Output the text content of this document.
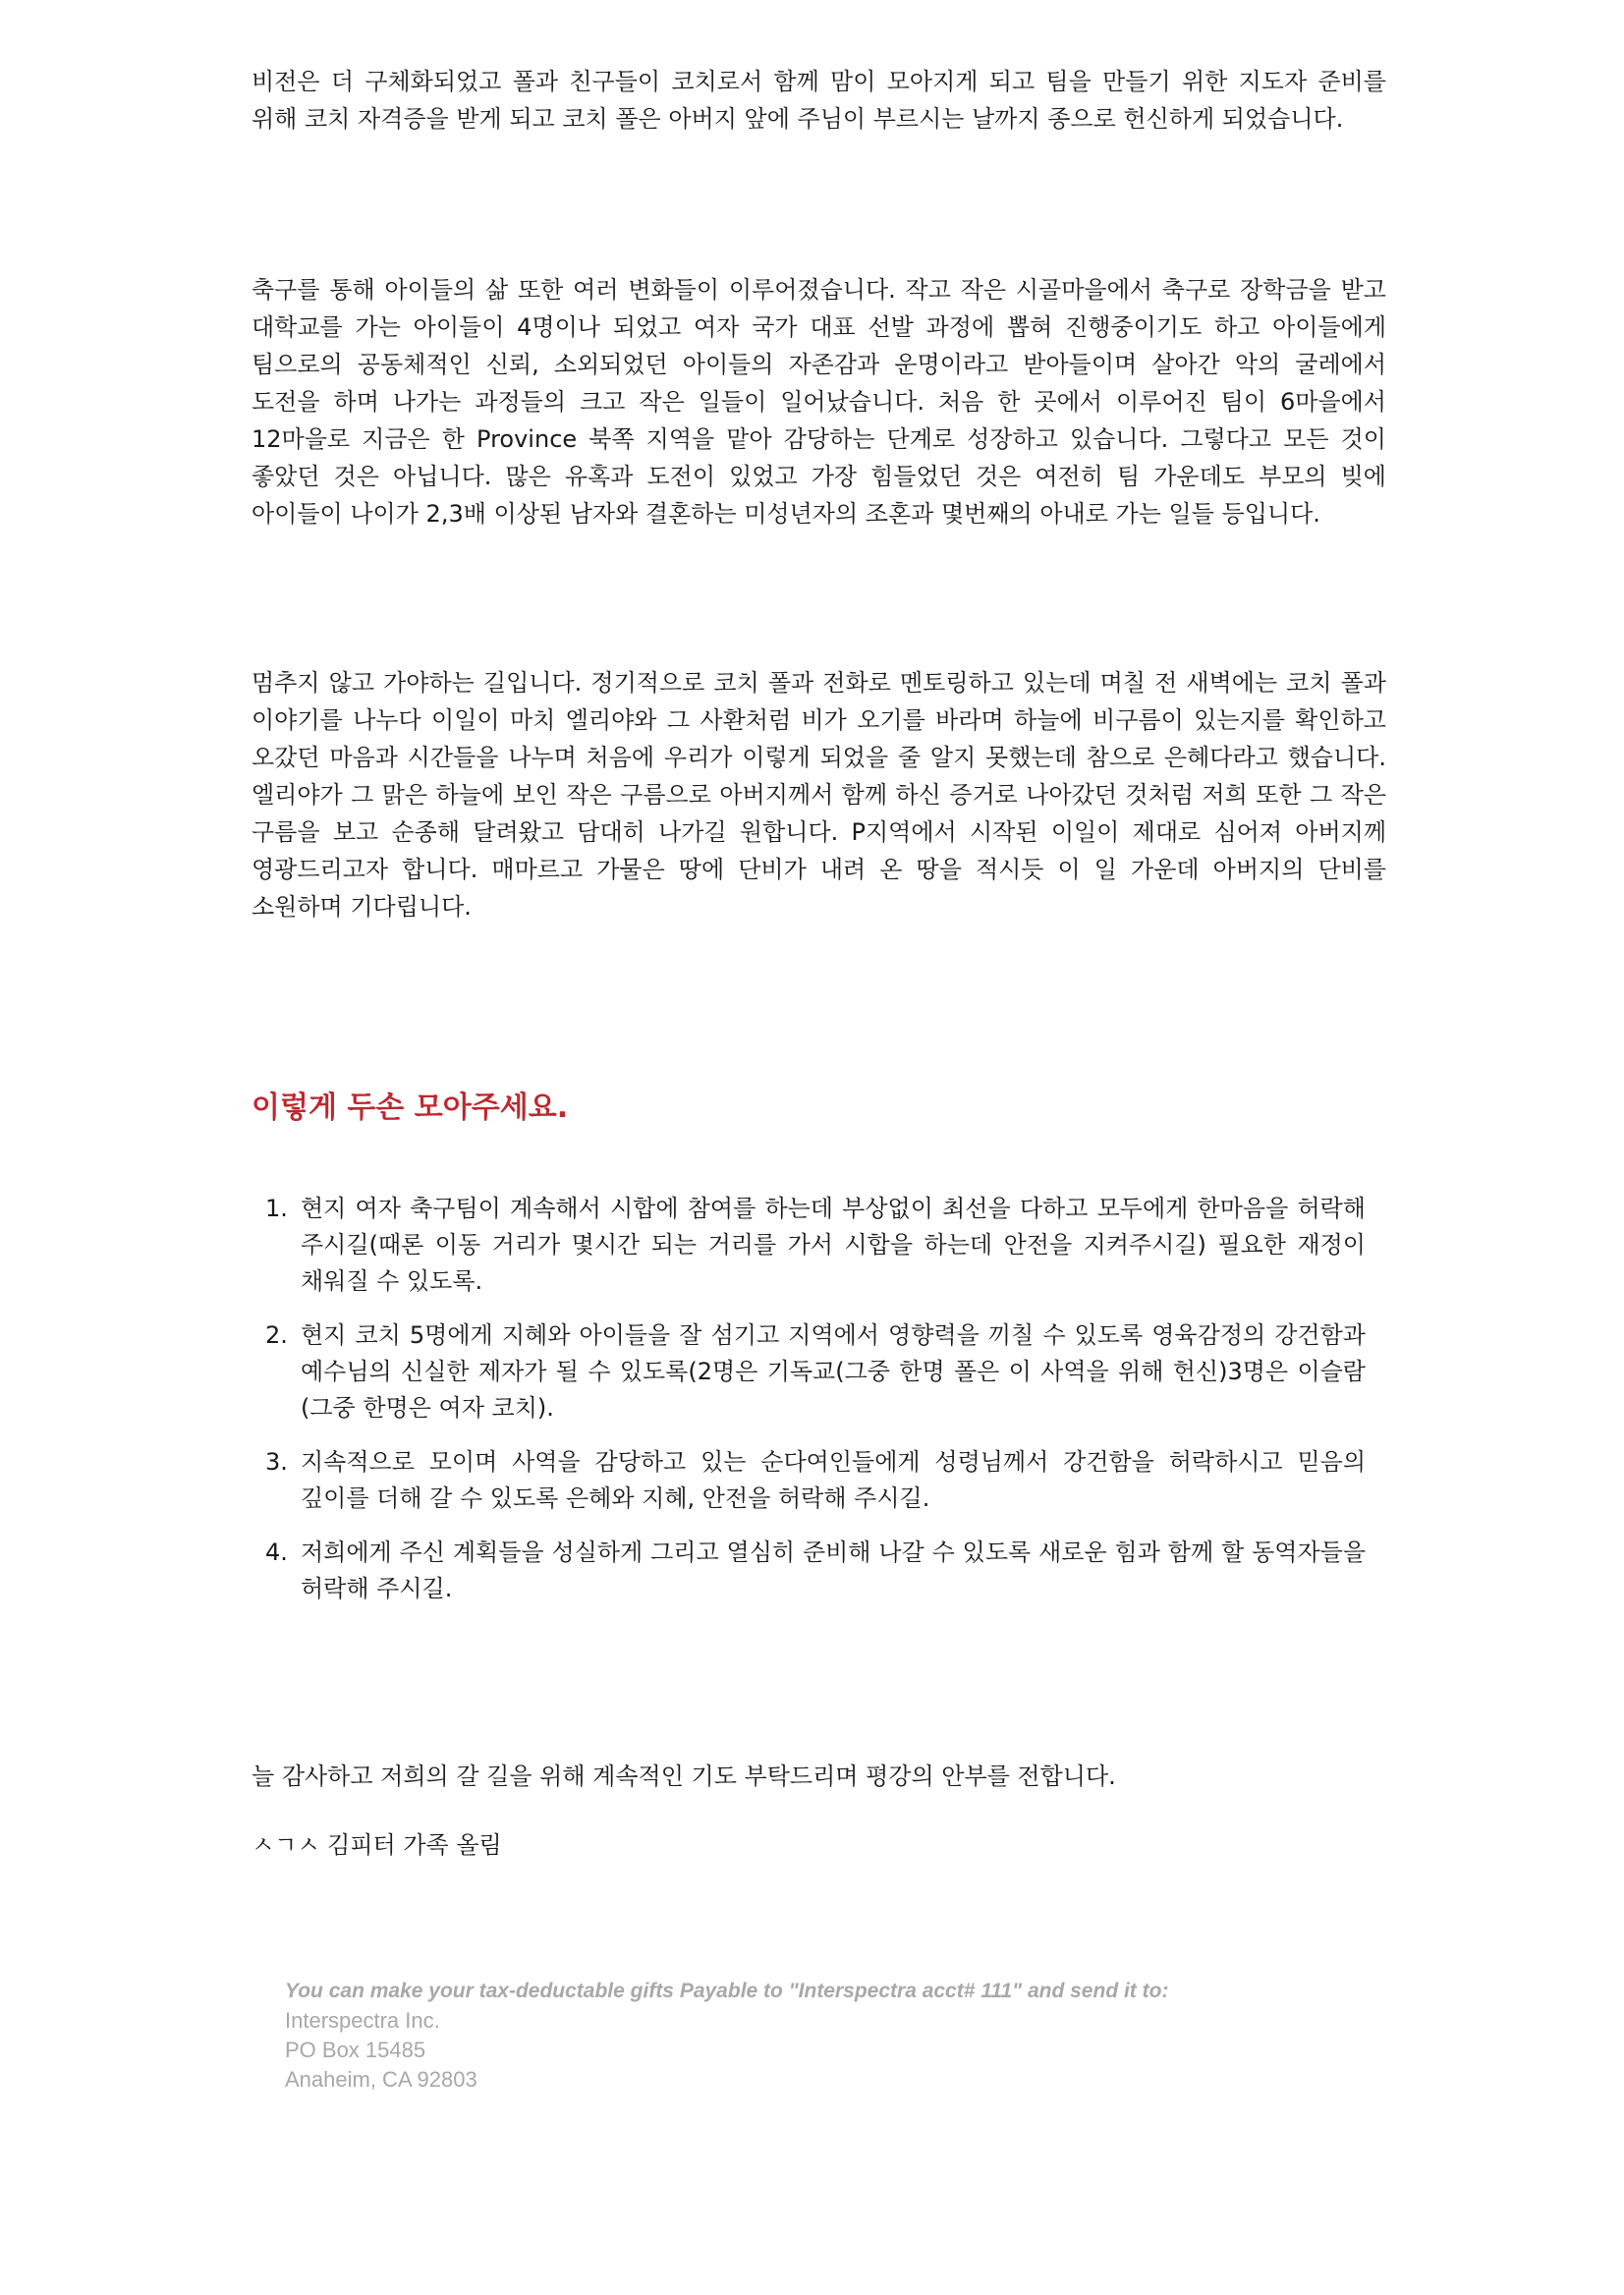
비전은 더 구체화되었고 폴과 친구들이 코치로서 함께 맘이 모아지게 되고 팀을 만들기 위한 지도자 준비를 위해 코치 자격증을 받게 되고 코치 폴은 아버지 앞에 주님이 부르시는 날까지 종으로 헌신하게 되었습니다.

축구를 통해 아이들의 삶 또한 여러 변화들이 이루어졌습니다. 작고 작은 시골마을에서 축구로 장학금을 받고 대학교를 가는 아이들이 4명이나 되었고 여자 국가 대표 선발 과정에 뽑혀 진행중이기도 하고 아이들에게 팀으로의 공동체적인 신뢰, 소외되었던 아이들의 자존감과 운명이라고 받아들이며 살아간 악의 굴레에서 도전을 하며 나가는 과정들의 크고 작은 일들이 일어났습니다. 처음 한 곳에서 이루어진 팀이 6마을에서 12마을로 지금은 한 Province 북쪽 지역을 맡아 감당하는 단계로 성장하고 있습니다. 그렇다고 모든 것이 좋았던 것은 아닙니다. 많은 유혹과 도전이 있었고 가장 힘들었던 것은 여전히 팀 가운데도 부모의 빚에 아이들이 나이가 2,3배 이상된 남자와 결혼하는 미성년자의 조혼과 몇번째의 아내로 가는 일들 등입니다.

멈추지 않고 가야하는 길입니다. 정기적으로 코치 폴과 전화로 멘토링하고 있는데 며칠 전 새벽에는 코치 폴과 이야기를 나누다 이일이 마치 엘리야와 그 사환처럼 비가 오기를 바라며 하늘에 비구름이 있는지를 확인하고 오갔던 마음과 시간들을 나누며 처음에 우리가 이렇게 되었을 줄 알지 못했는데 참으로 은혜다라고 했습니다. 엘리야가 그 맑은 하늘에 보인 작은 구름으로 아버지께서 함께 하신 증거로 나아갔던 것처럼 저희 또한 그 작은 구름을 보고 순종해 달려왔고 담대히 나가길 원합니다. P지역에서 시작된 이일이 제대로 심어져 아버지께 영광드리고자 합니다. 매마르고 가물은 땅에 단비가 내려 온 땅을 적시듯 이 일 가운데 아버지의 단비를 소원하며 기다립니다.

이렇게 두손 모아주세요.
1. 현지 여자 축구팀이 계속해서 시합에 참여를 하는데 부상없이 최선을 다하고 모두에게 한마음을 허락해 주시길(때론 이동 거리가 몇시간 되는 거리를 가서 시합을 하는데 안전을 지켜주시길) 필요한 재정이 채워질 수 있도록.
2. 현지 코치 5명에게 지혜와 아이들을 잘 섬기고 지역에서 영향력을 끼칠 수 있도록 영육감정의 강건함과 예수님의 신실한 제자가 될 수 있도록(2명은 기독교(그중 한명 폴은 이 사역을 위해 헌신)3명은 이슬람(그중 한명은 여자 코치).
3. 지속적으로 모이며 사역을 감당하고 있는 순다여인들에게 성령님께서 강건함을 허락하시고 믿음의 깊이를 더해 갈 수 있도록 은혜와 지혜, 안전을 허락해 주시길.
4. 저희에게 주신 계획들을 성실하게 그리고 열심히 준비해 나갈 수 있도록 새로운 힘과 함께 할 동역자들을 허락해 주시길.

늘 감사하고 저희의 갈 길을 위해 계속적인 기도 부탁드리며 평강의 안부를 전합니다.

ㅅㄱㅅ 김피터 가족 올림

You can make your tax-deductable gifts Payable to "Interspectra acct# 111" and send it to:
Interspectra Inc.
PO Box 15485
Anaheim, CA 92803
